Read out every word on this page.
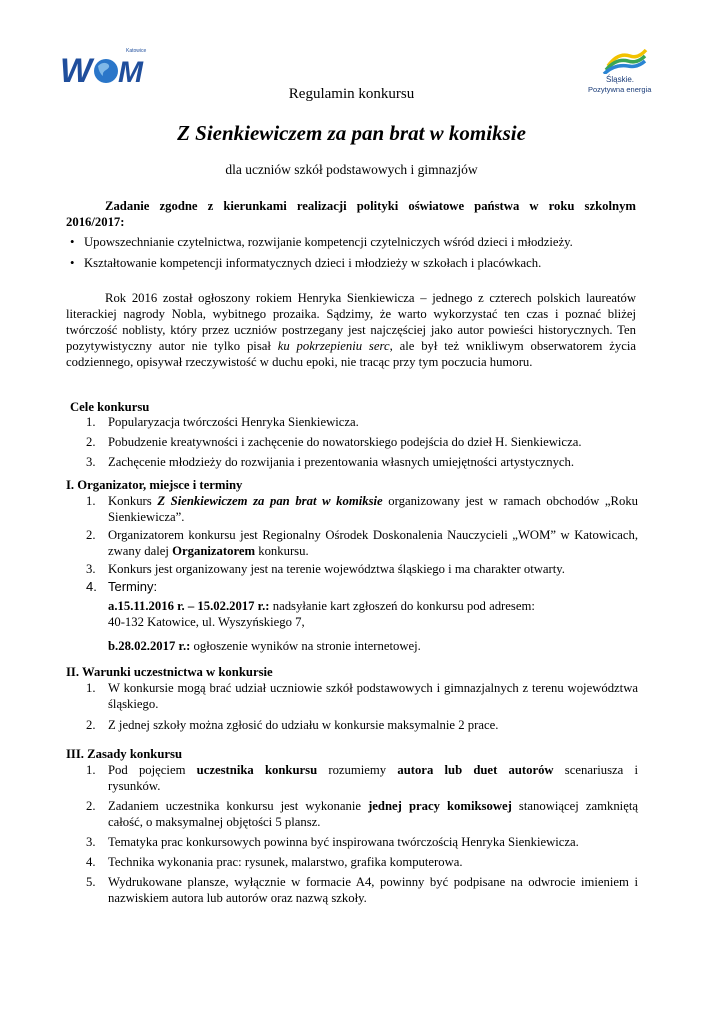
W M
Katowice
Śląskie.
Pozytywna energia
Regulamin konkursu
Z Sienkiewiczem za pan brat w komiksie
dla uczniów szkół podstawowych i gimnazjów
Zadanie zgodne z kierunkami realizacji polityki oświatowe państwa w roku szkolnym
2016/2017:
• Upowszechnianie czytelnictwa, rozwijanie kompetencji czytelniczych wśród dzieci i młodzieży.
• Kształtowanie kompetencji informatycznych dzieci i młodzieży w szkołach i placówkach.
Rok 2016 został ogłoszony rokiem Henryka Sienkiewicza – jednego z czterech polskich laureatów literackiej nagrody Nobla, wybitnego prozaika. Sądzimy, że warto wykorzystać ten czas i poznać bliżej twórczość noblisty, który przez uczniów postrzegany jest najczęściej jako autor powieści historycznych. Ten pozytywistyczny autor nie tylko pisał ku pokrzepieniu serc, ale był też wnikliwym obserwatorem życia codziennego, opisywał rzeczywistość w duchu epoki, nie tracąc przy tym poczucia humoru.
Cele konkursu
1. Popularyzacja twórczości Henryka Sienkiewicza.
2. Pobudzenie kreatywności i zachęcenie do nowatorskiego podejścia do dzieł H. Sienkiewicza.
3. Zachęcenie młodzieży do rozwijania i prezentowania własnych umiejętności artystycznych.
I. Organizator, miejsce i terminy
1. Konkurs Z Sienkiewiczem za pan brat w komiksie organizowany jest w ramach obchodów „Roku Sienkiewicza”.
2. Organizatorem konkursu jest Regionalny Ośrodek Doskonalenia Nauczycieli „WOM” w Katowicach, zwany dalej Organizatorem konkursu.
3. Konkurs jest organizowany jest na terenie województwa śląskiego i ma charakter otwarty.
4. Terminy:
a.15.11.2016 r. – 15.02.2017 r.: nadsyłanie kart zgłoszeń do konkursu pod adresem:
40-132 Katowice, ul. Wyszyńskiego 7,
b.28.02.2017 r.: ogłoszenie wyników na stronie internetowej.
II. Warunki uczestnictwa w konkursie
1. W konkursie mogą brać udział uczniowie szkół podstawowych i gimnazjalnych z terenu województwa śląskiego.
2. Z jednej szkoły można zgłosić do udziału w konkursie maksymalnie 2 prace.
III. Zasady konkursu
1. Pod pojęciem uczestnika konkursu rozumiemy autora lub duet autorów scenariusza i rysunków.
2. Zadaniem uczestnika konkursu jest wykonanie jednej pracy komiksowej stanowiącej zamkniętą całość, o maksymalnej objętości 5 plansz.
3. Tematyka prac konkursowych powinna być inspirowana twórczością Henryka Sienkiewicza.
4. Technika wykonania prac: rysunek, malarstwo, grafika komputerowa.
5. Wydrukowane plansze, wyłącznie w formacie A4, powinny być podpisane na odwrocie imieniem i nazwiskiem autora lub autorów oraz nazwą szkoły.
